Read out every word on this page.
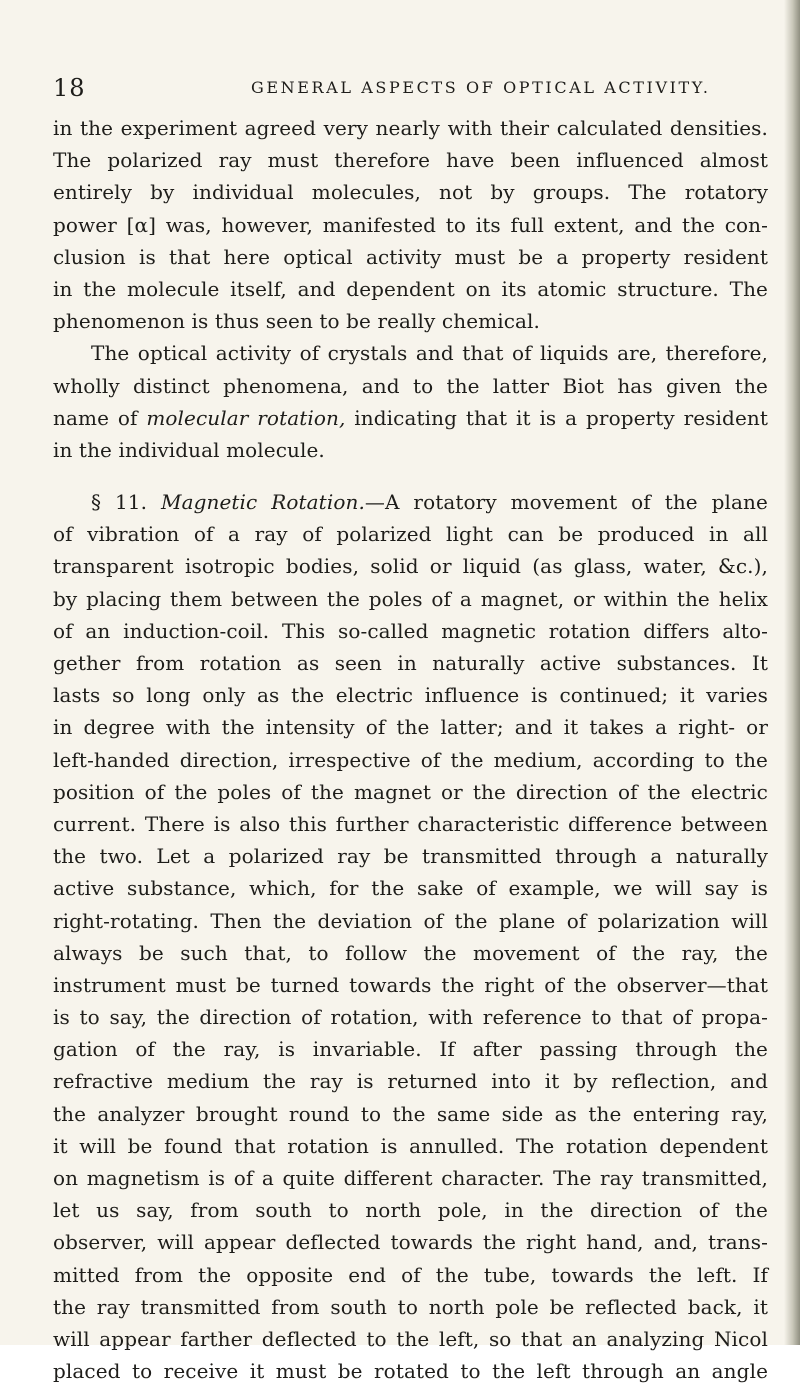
18	GENERAL ASPECTS OF OPTICAL ACTIVITY.
in the experiment agreed very nearly with their calculated densities.
The polarized ray must therefore have been influenced almost
entirely by individual molecules, not by groups. The rotatory
power [α] was, however, manifested to its full extent, and the con-
clusion is that here optical activity must be a property resident
in the molecule itself, and dependent on its atomic structure. The
phenomenon is thus seen to be really chemical.
The optical activity of crystals and that of liquids are, therefore,
wholly distinct phenomena, and to the latter Biot has given the
name of molecular rotation, indicating that it is a property resident
in the individual molecule.
§ 11. Magnetic Rotation.—A rotatory movement of the plane
of vibration of a ray of polarized light can be produced in all
transparent isotropic bodies, solid or liquid (as glass, water, &c.),
by placing them between the poles of a magnet, or within the helix
of an induction-coil. This so-called magnetic rotation differs alto-
gether from rotation as seen in naturally active substances. It
lasts so long only as the electric influence is continued; it varies
in degree with the intensity of the latter; and it takes a right- or
left-handed direction, irrespective of the medium, according to the
position of the poles of the magnet or the direction of the electric
current. There is also this further characteristic difference between
the two. Let a polarized ray be transmitted through a naturally
active substance, which, for the sake of example, we will say is
right-rotating. Then the deviation of the plane of polarization will
always be such that, to follow the movement of the ray, the
instrument must be turned towards the right of the observer—that
is to say, the direction of rotation, with reference to that of propa-
gation of the ray, is invariable. If after passing through the
refractive medium the ray is returned into it by reflection, and
the analyzer brought round to the same side as the entering ray,
it will be found that rotation is annulled. The rotation dependent
on magnetism is of a quite different character. The ray transmitted,
let us say, from south to north pole, in the direction of the
observer, will appear deflected towards the right hand, and, trans-
mitted from the opposite end of the tube, towards the left. If
the ray transmitted from south to north pole be reflected back, it
will appear farther deflected to the left, so that an analyzing Nicol
placed to receive it must be rotated to the left through an angle
